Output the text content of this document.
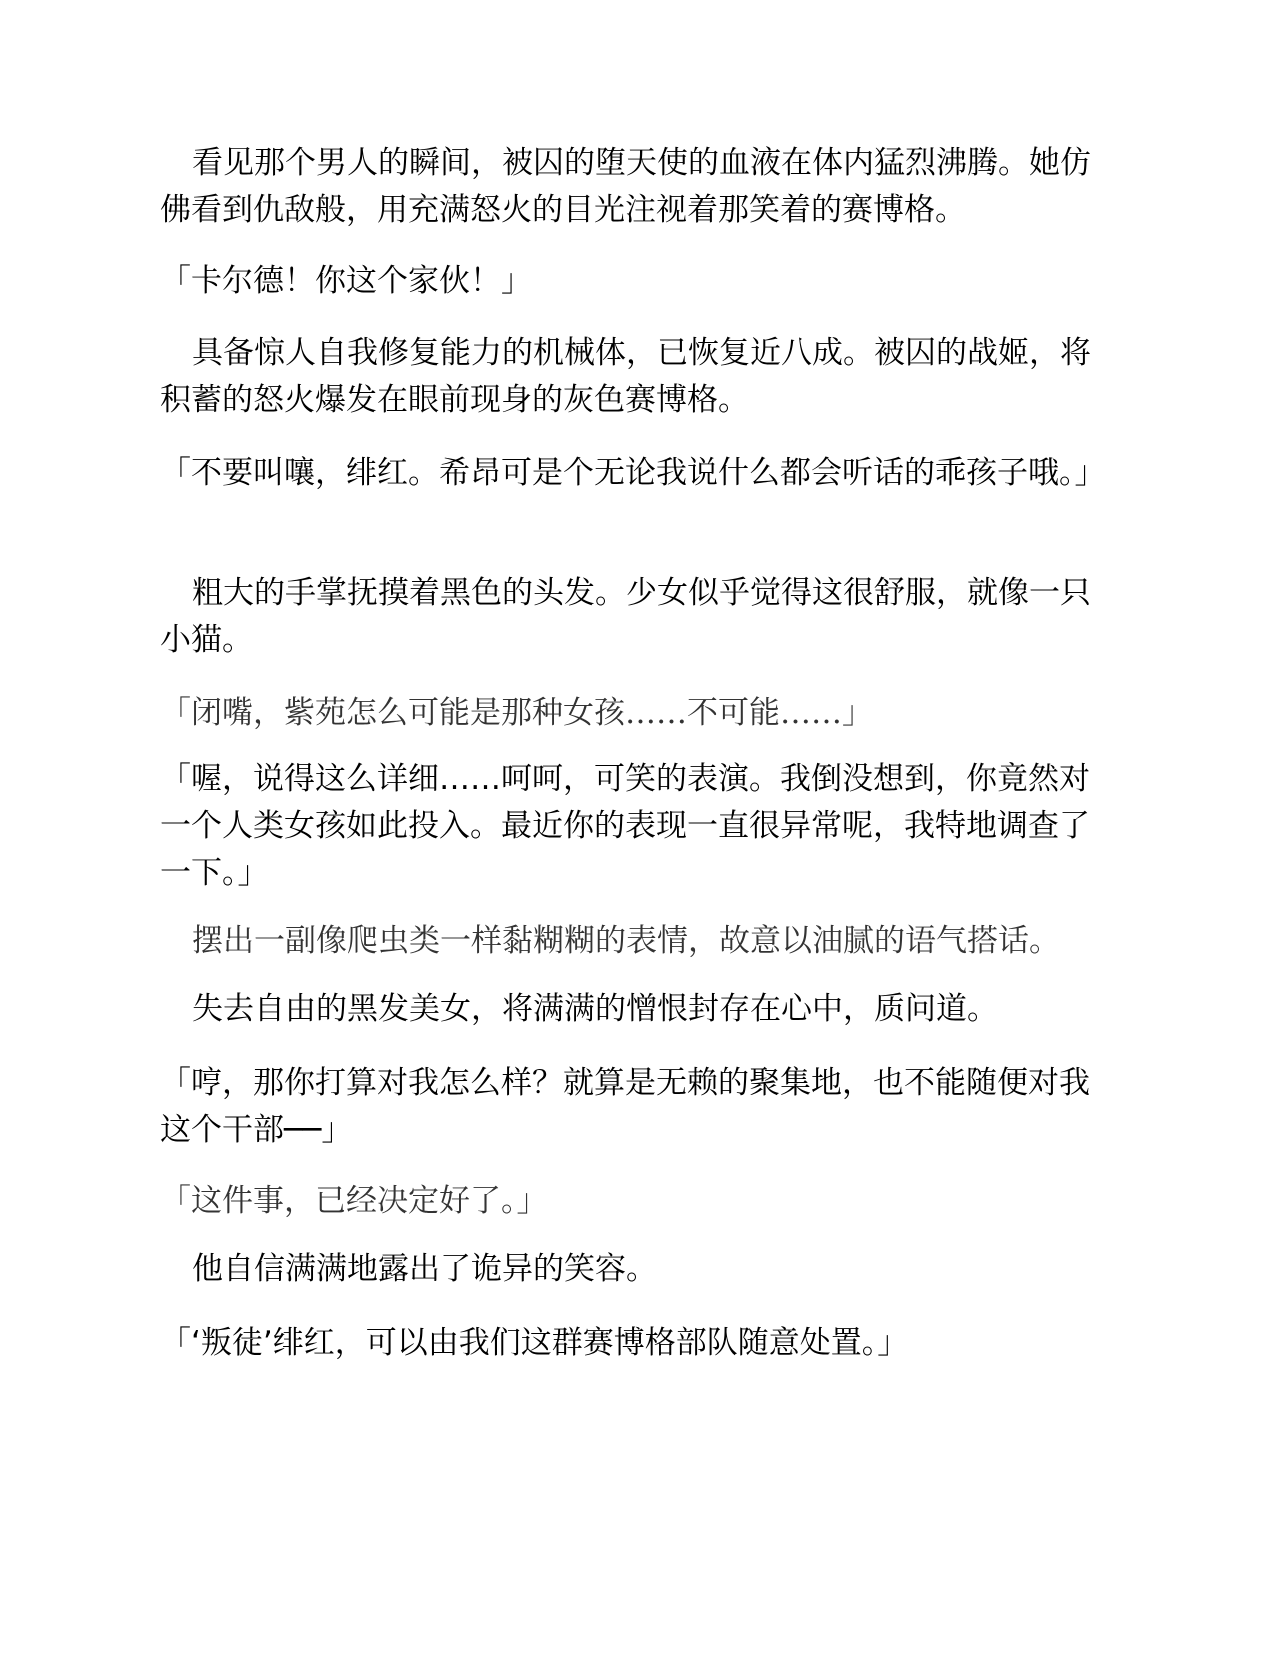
看见那个男人的瞬间，被囚的堕天使的血液在体内猛烈沸腾。她仿佛看到仇敌般，用充满怒火的目光注视着那笑着的赛博格。

「卡尔德！你这个家伙！」

具备惊人自我修复能力的机械体，已恢复近八成。被囚的战姬，将积蓄的怒火爆发在眼前现身的灰色赛博格。

「不要叫嚷，绯红。希昂可是个无论我说什么都会听话的乖孩子哦。」

粗大的手掌抚摸着黑色的头发。少女似乎觉得这很舒服，就像一只小猫。

「闭嘴，紫苑怎么可能是那种女孩……不可能……」

「喔，说得这么详细……呵呵，可笑的表演。我倒没想到，你竟然对一个人类女孩如此投入。最近你的表现一直很异常呢，我特地调查了一下。」

摆出一副像爬虫类一样黏糊糊的表情，故意以油腻的语气搭话。

失去自由的黑发美女，将满满的憎恨封存在心中，质问道。

「哼，那你打算对我怎么样？就算是无赖的聚集地，也不能随便对我这个干部──」

「这件事，已经决定好了。」

他自信满满地露出了诡异的笑容。

「‘叛徒’绯红，可以由我们这群赛博格部队随意处置。」
